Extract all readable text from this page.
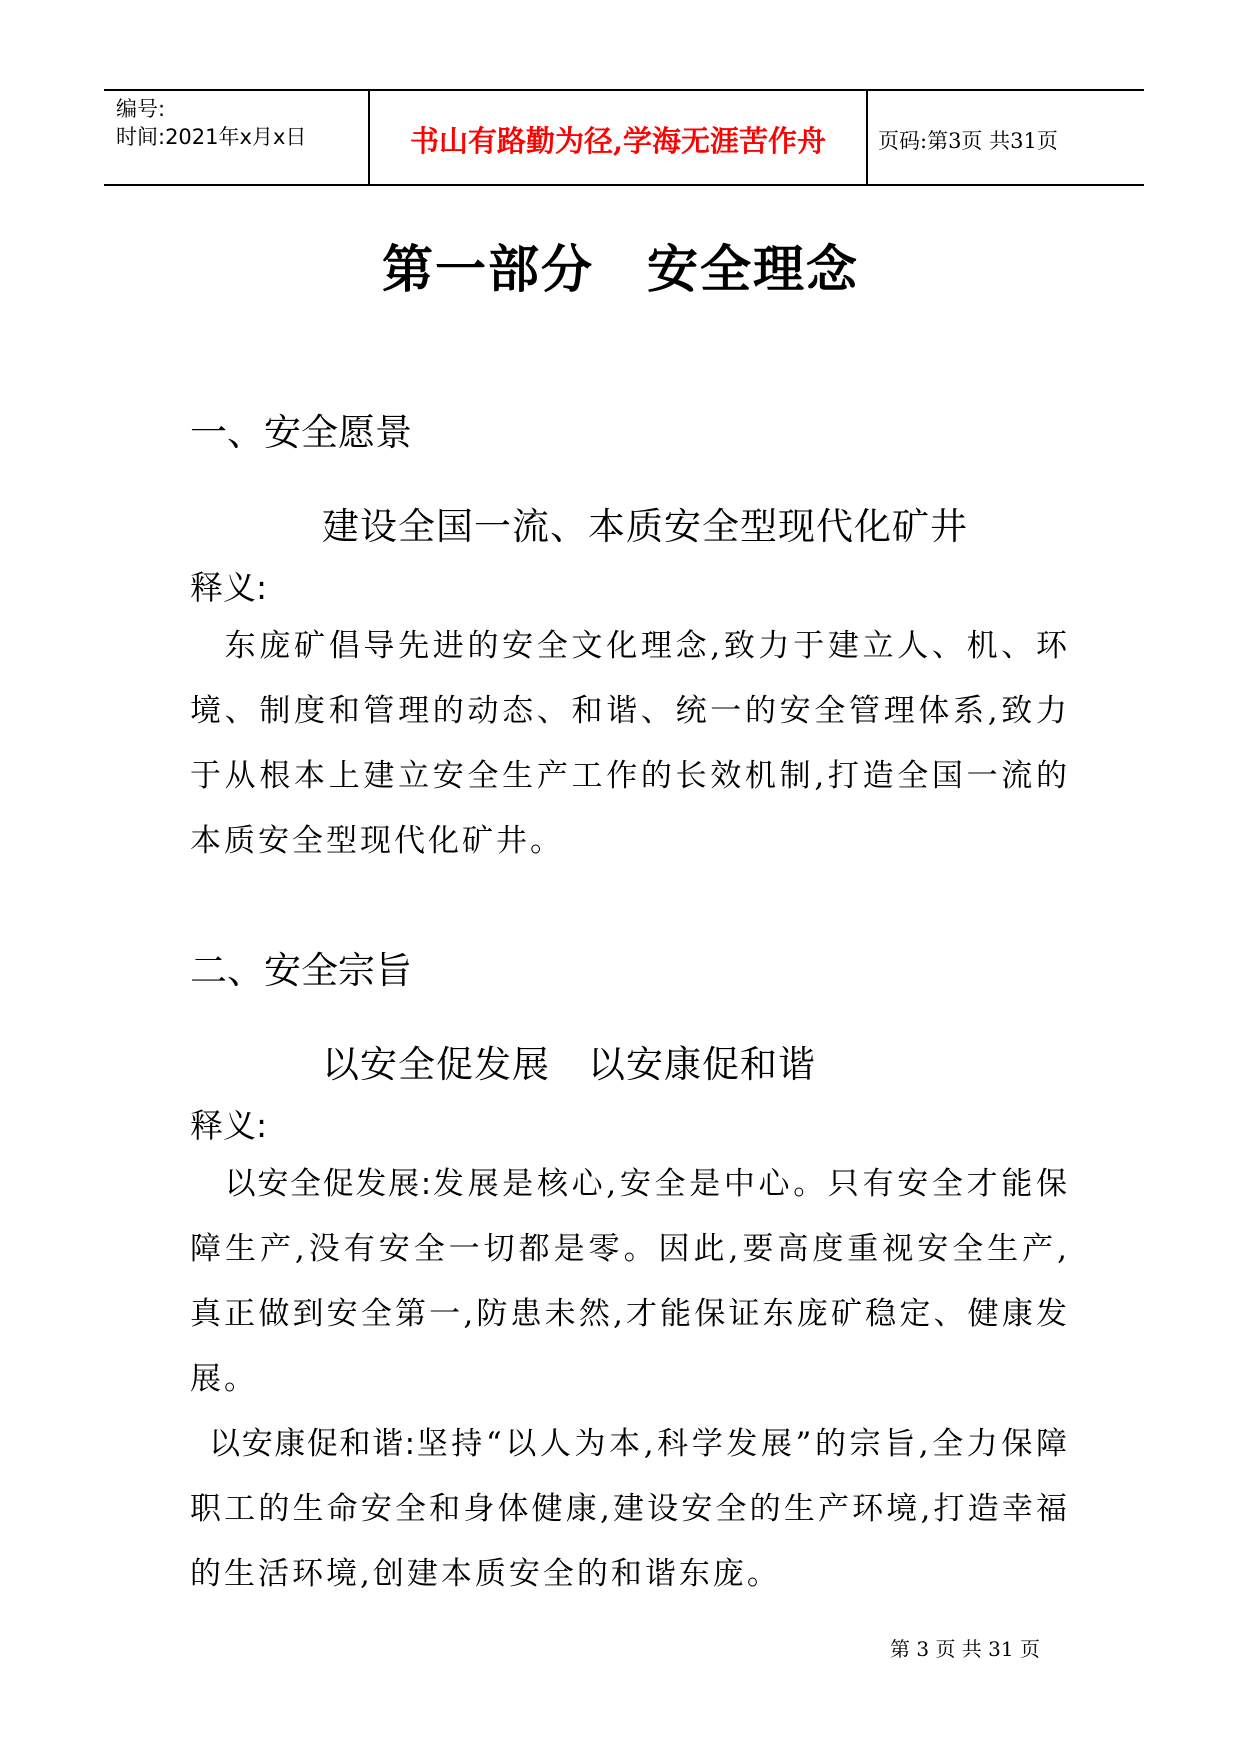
编号:
时间:2021年x月x日	书山有路勤为径,学海无涯苦作舟	页码:第3页 共31页
第一部分　安全理念
一、安全愿景
建设全国一流、本质安全型现代化矿井
释义:
　东庞矿倡导先进的安全文化理念,致力于建立人、机、环境、制度和管理的动态、和谐、统一的安全管理体系,致力于从根本上建立安全生产工作的长效机制,打造全国一流的本质安全型现代化矿井。
二、安全宗旨
以安全促发展　以安康促和谐
释义:
 以安全促发展:发展是核心,安全是中心。只有安全才能保障生产,没有安全一切都是零。因此,要高度重视安全生产,真正做到安全第一,防患未然,才能保证东庞矿稳定、健康发展。
 以安康促和谐:坚持“以人为本,科学发展”的宗旨,全力保障职工的生命安全和身体健康,建设安全的生产环境,打造幸福的生活环境,创建本质安全的和谐东庞。
第 3 页 共 31 页
